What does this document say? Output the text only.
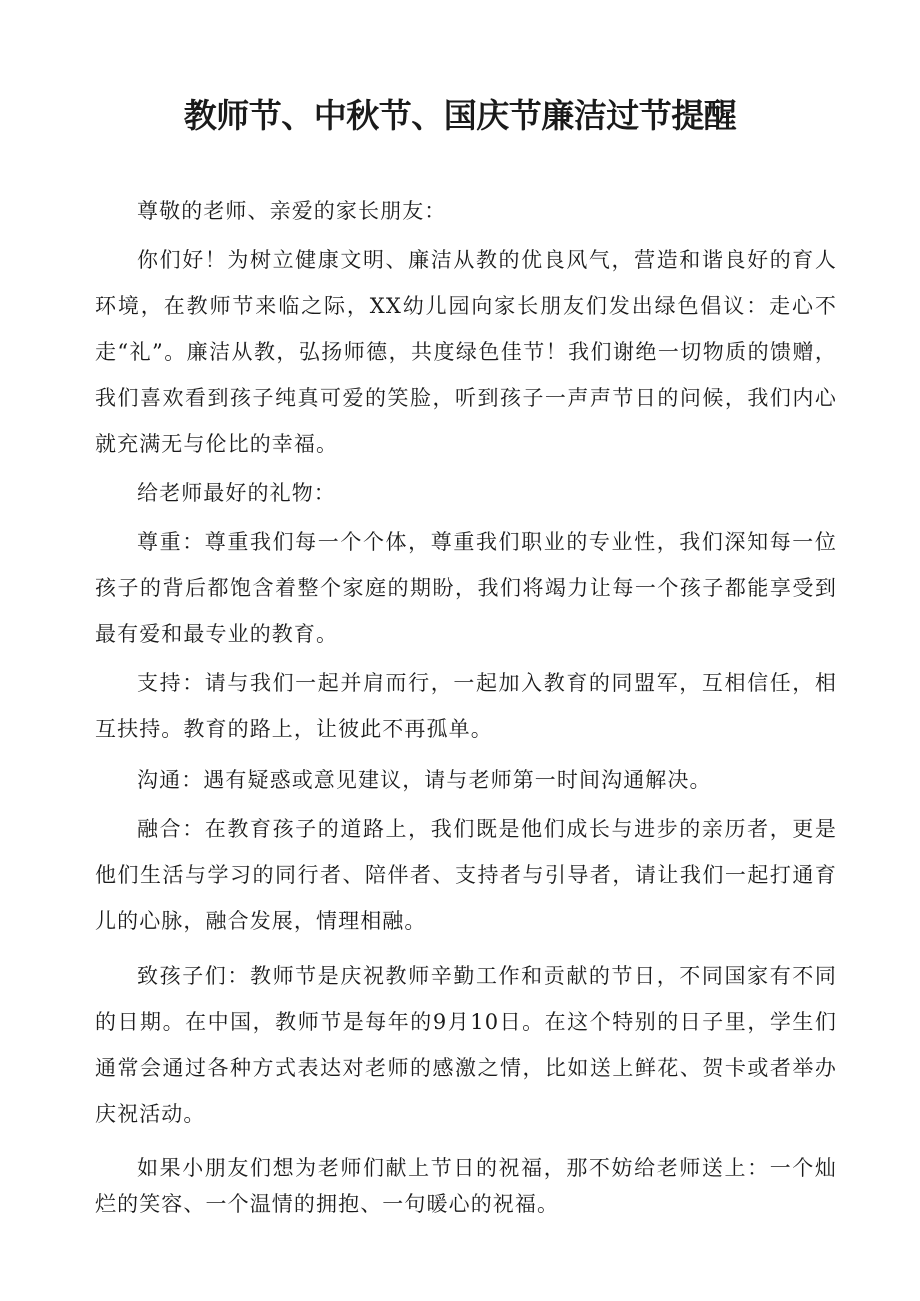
教师节、中秋节、国庆节廉洁过节提醒

尊敬的老师、亲爱的家长朋友：

你们好！为树立健康文明、廉洁从教的优良风气，营造和谐良好的育人环境，在教师节来临之际，XX幼儿园向家长朋友们发出绿色倡议：走心不走“礼”。廉洁从教，弘扬师德，共度绿色佳节！我们谢绝一切物质的馈赠，我们喜欢看到孩子纯真可爱的笑脸，听到孩子一声声节日的问候，我们内心就充满无与伦比的幸福。

给老师最好的礼物：

尊重：尊重我们每一个个体，尊重我们职业的专业性，我们深知每一位孩子的背后都饱含着整个家庭的期盼，我们将竭力让每一个孩子都能享受到最有爱和最专业的教育。

支持：请与我们一起并肩而行，一起加入教育的同盟军，互相信任，相互扶持。教育的路上，让彼此不再孤单。

沟通：遇有疑惑或意见建议，请与老师第一时间沟通解决。

融合：在教育孩子的道路上，我们既是他们成长与进步的亲历者，更是他们生活与学习的同行者、陪伴者、支持者与引导者，请让我们一起打通育儿的心脉，融合发展，情理相融。

致孩子们：教师节是庆祝教师辛勤工作和贡献的节日，不同国家有不同的日期。在中国，教师节是每年的9月10日。在这个特别的日子里，学生们通常会通过各种方式表达对老师的感激之情，比如送上鲜花、贺卡或者举办庆祝活动。

如果小朋友们想为老师们献上节日的祝福，那不妨给老师送上：一个灿烂的笑容、一个温情的拥抱、一句暖心的祝福。
